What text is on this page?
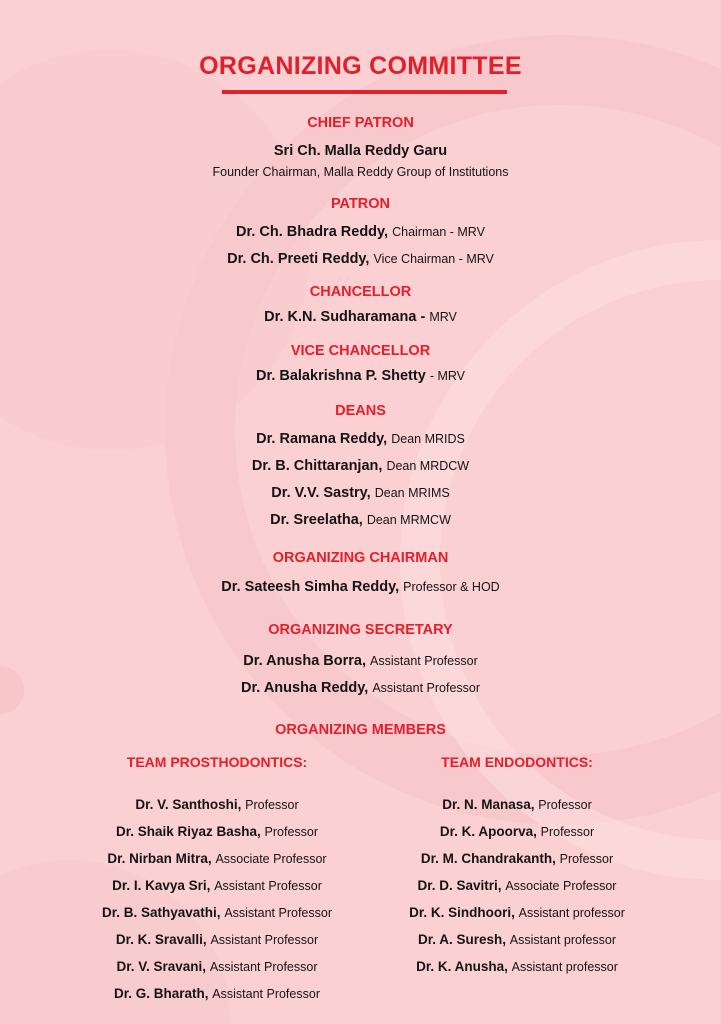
ORGANIZING COMMITTEE
CHIEF PATRON
Sri Ch. Malla Reddy Garu
Founder Chairman, Malla Reddy Group of Institutions
PATRON
Dr. Ch. Bhadra Reddy, Chairman - MRV
Dr. Ch. Preeti Reddy, Vice Chairman - MRV
CHANCELLOR
Dr. K.N. Sudharamana - MRV
VICE CHANCELLOR
Dr. Balakrishna P. Shetty - MRV
DEANS
Dr. Ramana Reddy, Dean MRIDS
Dr. B. Chittaranjan, Dean MRDCW
Dr. V.V. Sastry, Dean MRIMS
Dr. Sreelatha, Dean MRMCW
ORGANIZING CHAIRMAN
Dr. Sateesh Simha Reddy, Professor & HOD
ORGANIZING SECRETARY
Dr. Anusha Borra, Assistant Professor
Dr. Anusha Reddy, Assistant Professor
ORGANIZING MEMBERS
TEAM PROSTHODONTICS:
Dr. V. Santhoshi, Professor
Dr. Shaik Riyaz Basha, Professor
Dr. Nirban Mitra, Associate Professor
Dr. I. Kavya Sri, Assistant Professor
Dr. B. Sathyavathi, Assistant Professor
Dr. K. Sravalli, Assistant Professor
Dr. V. Sravani, Assistant Professor
Dr. G. Bharath, Assistant Professor
TEAM ENDODONTICS:
Dr. N. Manasa, Professor
Dr. K. Apoorva, Professor
Dr. M. Chandrakanth, Professor
Dr. D. Savitri, Associate Professor
Dr. K. Sindhoori, Assistant professor
Dr. A. Suresh, Assistant professor
Dr. K. Anusha, Assistant professor
